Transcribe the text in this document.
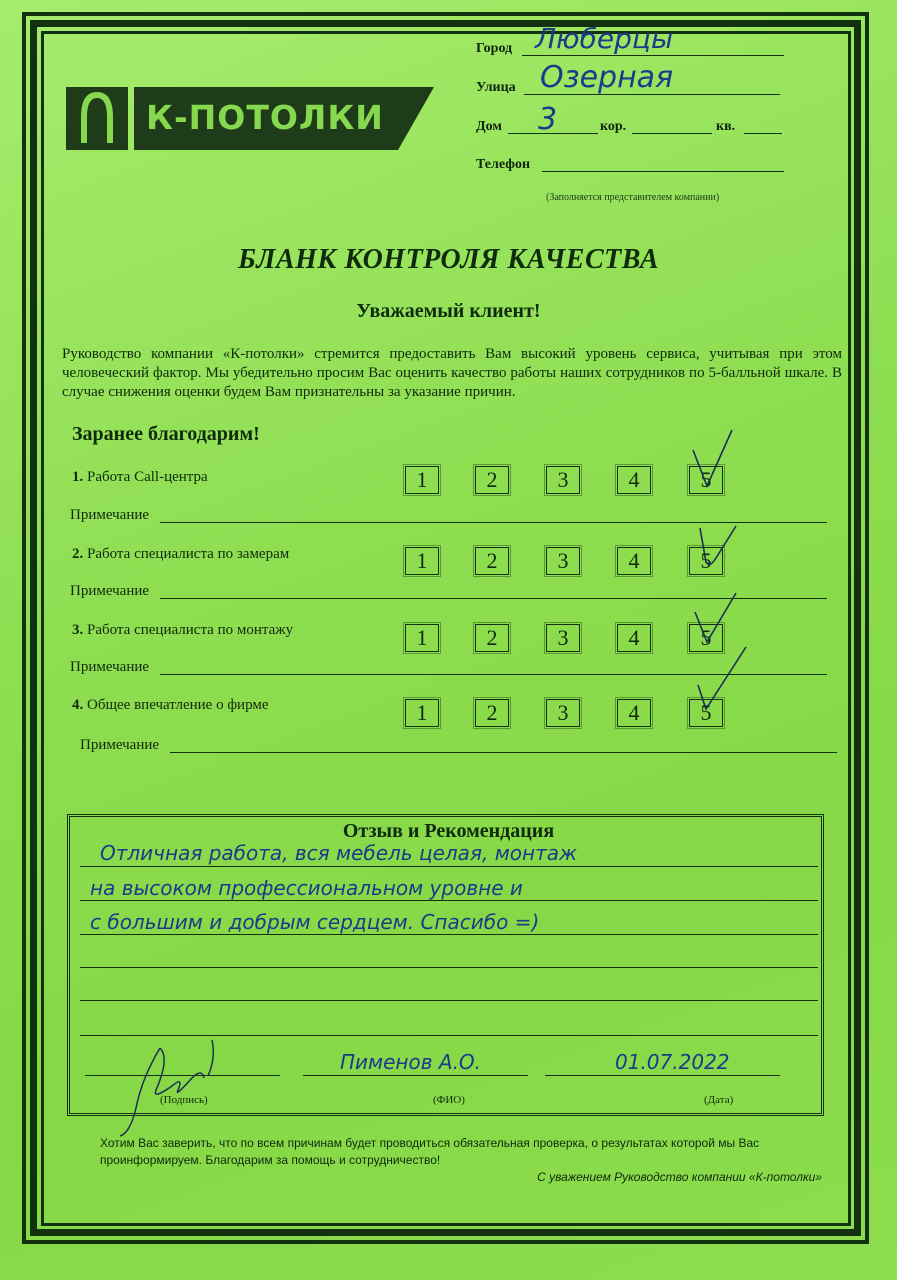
К-ПОТОЛКИ
Город Люберцы
Улица Озерная
Дом 3	кор.	кв.
Телефон
(Заполняется представителем компании)
БЛАНК КОНТРОЛЯ КАЧЕСТВА
Уважаемый клиент!
Руководство компании «К-потолки» стремится предоставить Вам высокий уровень сервиса, учитывая при этом человеческий фактор. Мы убедительно просим Вас оценить качество работы наших сотрудников по 5-балльной шкале. В случае снижения оценки будем Вам признательны за указание причин.
Заранее благодарим!
1. Работа Call-центра	1	2	3	4	5
Примечание
2. Работа специалиста по замерам	1	2	3	4	5
Примечание
3. Работа специалиста по монтажу	1	2	3	4	5
Примечание
4. Общее впечатление о фирме	1	2	3	4	5
Примечание
Отзыв и Рекомендация
Отличная работа, вся мебель целая, монтаж
на высоком профессиональном уровне и
с большим и добрым сердцем. Спасибо =)
Пименов А.О.	01.07.2022
(Подпись)	(ФИО)	(Дата)
Хотим Вас заверить, что по всем причинам будет проводиться обязательная проверка, о результатах которой мы Вас проинформируем. Благодарим за помощь и сотрудничество!
С уважением Руководство компании «К-потолки»
